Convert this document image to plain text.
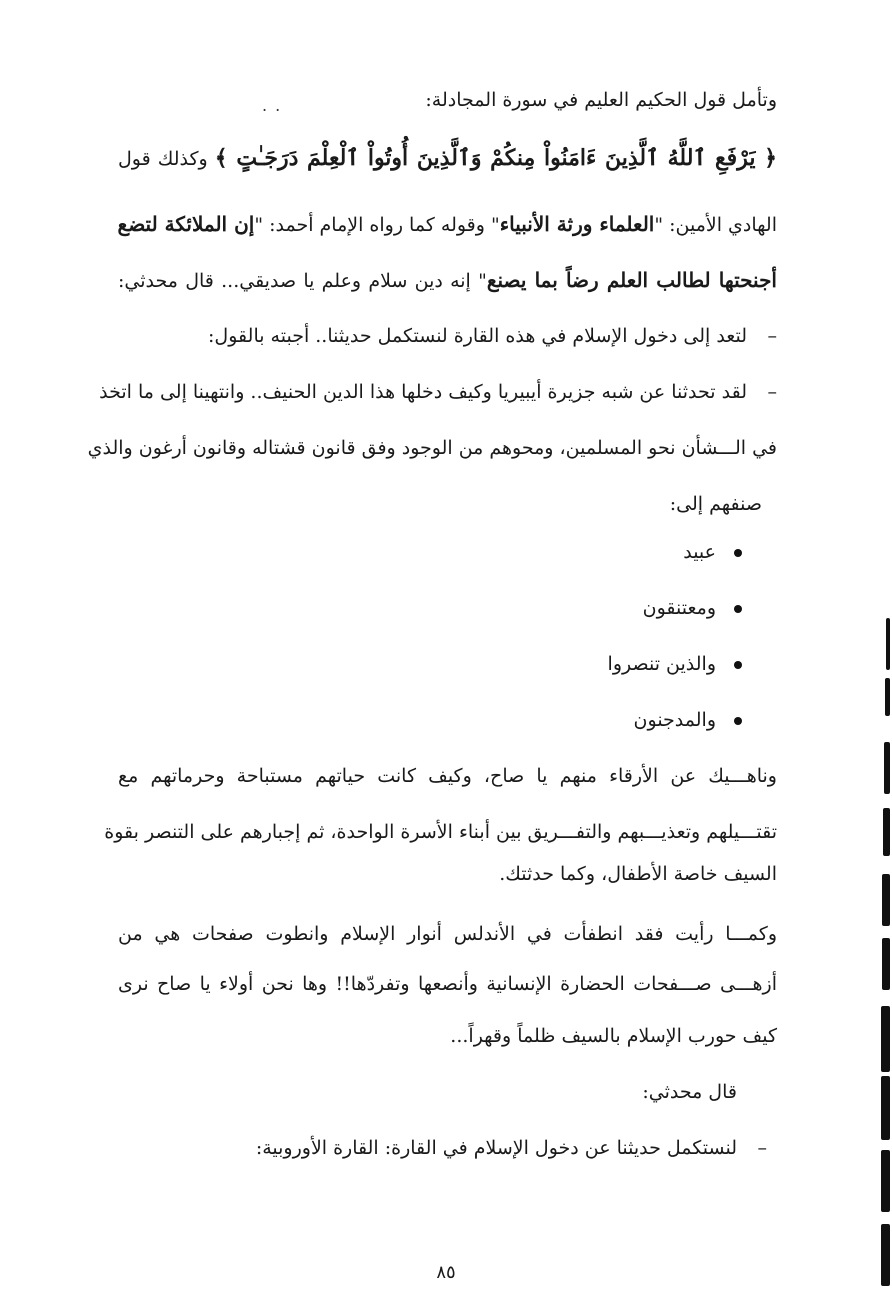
..	وتأمل قول الحكيم العليم في سورة المجادلة:
﴿ يَرْفَعِ ٱللَّهُ ٱلَّذِينَ ءَامَنُواْ مِنكُمْ وَٱلَّذِينَ أُوتُواْ ٱلْعِلْمَ دَرَجَـٰتٍ ﴾ وكذلك قول
الهادي الأمين: "العلماء ورثة الأنبياء" وقوله كما رواه الإمام أحمد: "إن الملائكة لتضع
أجنحتها لطالب العلم رضاً بما يصنع" إنه دين سلام وعلم يا صديقي... قال محدثي:
–لتعد إلى دخول الإسلام في هذه القارة لنستكمل حديثنا.. أجبته بالقول:
–لقد تحدثنا عن شبه جزيرة أيبيريا وكيف دخلها هذا الدين الحنيف.. وانتهينا إلى ما اتخذ
في الـــشأن نحو المسلمين، ومحوهم من الوجود وفق قانون قشتاله وقانون أرغون والذي
صنفهم إلى:
عبيد
ومعتنقون
والذين تنصروا
والمدجنون
وناهـــيك عن الأرقاء منهم يا صاح، وكيف كانت حياتهم مستباحة وحرماتهم مع
تقتـــيلهم وتعذيـــبهم والتفـــريق بين أبناء الأسرة الواحدة، ثم إجبارهم على التنصر بقوة
السيف خاصة الأطفال، وكما حدثتك.
وكمـــا رأيت فقد انطفأت في الأندلس أنوار الإسلام وانطوت صفحات هي من
أزهـــى صـــفحات الحضارة الإنسانية وأنصعها وتفردّها!! وها نحن أولاء يا صاح نرى
كيف حورب الإسلام بالسيف ظلماً وقهراً...
قال محدثي:
–لنستكمل حديثنا عن دخول الإسلام في القارة: القارة الأوروبية:
٨٥
